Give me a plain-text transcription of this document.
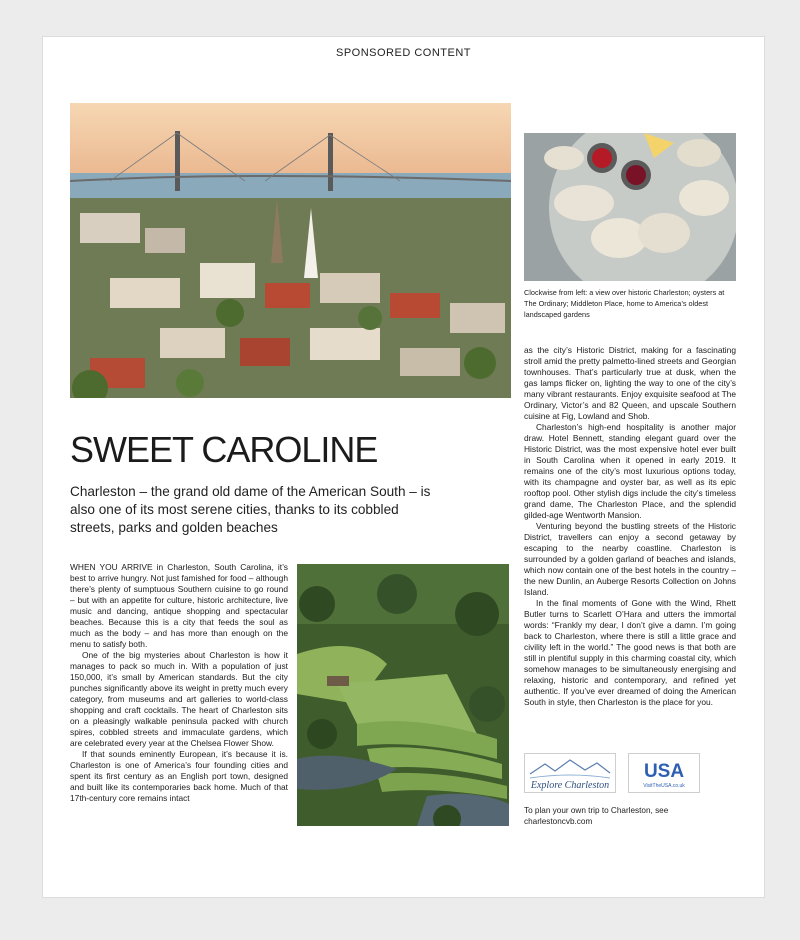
SPONSORED CONTENT
Clockwise from left: a view over historic Charleston; oysters at The Ordinary; Middleton Place, home to America’s oldest landscaped gardens
SWEET CAROLINE
Charleston – the grand old dame of the American South – is also one of its most serene cities, thanks to its cobbled streets, parks and golden beaches

WHEN YOU ARRIVE in Charleston, South Carolina, it’s best to arrive hungry. Not just famished for food – although there’s plenty of sumptuous Southern cuisine to go round – but with an appetite for culture, historic architecture, live music and dancing, antique shopping and spectacular beaches. Because this is a city that feeds the soul as much as the body – and has more than enough on the menu to satisfy both.

One of the big mysteries about Charleston is how it manages to pack so much in. With a population of just 150,000, it’s small by American standards. But the city punches significantly above its weight in pretty much every category, from museums and art galleries to world-class shopping and craft cocktails. The heart of Charleston sits on a pleasingly walkable peninsula packed with church spires, cobbled streets and immaculate gardens, which are celebrated every year at the Chelsea Flower Show.

If that sounds eminently European, it’s because it is. Charleston is one of America’s four founding cities and spent its first century as an English port town, designed and built like its contemporaries back home. Much of that 17th-century core remains intact

as the city’s Historic District, making for a fascinating stroll amid the pretty palmetto-lined streets and Georgian townhouses. That’s particularly true at dusk, when the gas lamps flicker on, lighting the way to one of the city’s many vibrant restaurants. Enjoy exquisite seafood at The Ordinary, Victor’s and 82 Queen, and upscale Southern cuisine at Fig, Lowland and Shob.

Charleston’s high-end hospitality is another major draw. Hotel Bennett, standing elegant guard over the Historic District, was the most expensive hotel ever built in South Carolina when it opened in early 2019. It remains one of the city’s most luxurious options today, with its champagne and oyster bar, as well as its epic rooftop pool. Other stylish digs include the city’s timeless grand dame, The Charleston Place, and the splendid gilded-age Wentworth Mansion.

Venturing beyond the bustling streets of the Historic District, travellers can enjoy a second getaway by escaping to the nearby coastline. Charleston is surrounded by a golden garland of beaches and islands, which now contain one of the best hotels in the country – the new Dunlin, an Auberge Resorts Collection on Johns Island.

In the final moments of Gone with the Wind, Rhett Butler turns to Scarlett O’Hara and utters the immortal words: “Frankly my dear, I don’t give a damn. I’m going back to Charleston, where there is still a little grace and civility left in the world.” The good news is that both are still in plentiful supply in this charming coastal city, which somehow manages to be simultaneously energising and relaxing, historic and contemporary, and refined yet authentic. If you’ve ever dreamed of doing the American South in style, then Charleston is the place for you.

Explore Charleston
USA
VisitTheUSA.co.uk
To plan your own trip to Charleston, see charlestoncvb.com
